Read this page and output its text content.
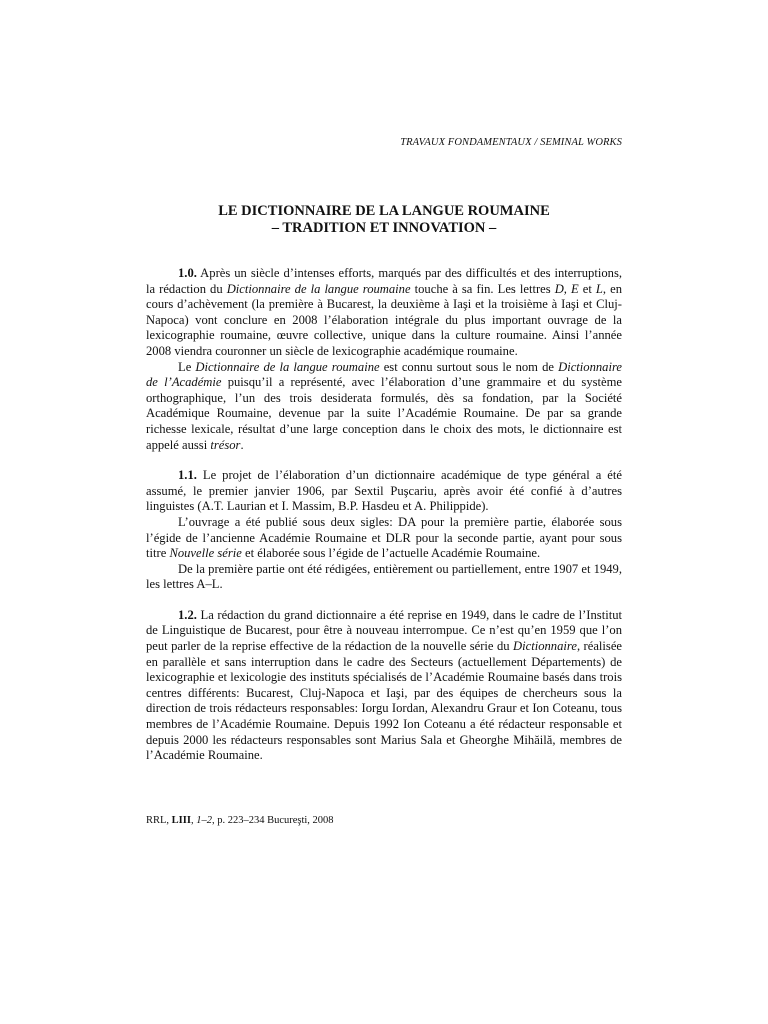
TRAVAUX FONDAMENTAUX / SEMINAL WORKS
LE DICTIONNAIRE DE LA LANGUE ROUMAINE
– TRADITION ET INNOVATION –

1.0. Après un siècle d’intenses efforts, marqués par des difficultés et des interruptions, la rédaction du Dictionnaire de la langue roumaine touche à sa fin. Les lettres D, E et L, en cours d’achèvement (la première à Bucarest, la deuxième à Iaşi et la troisième à Iaşi et Cluj-Napoca) vont conclure en 2008 l’élaboration intégrale du plus important ouvrage de la lexicographie roumaine, œuvre collective, unique dans la culture roumaine. Ainsi l’année 2008 viendra couronner un siècle de lexicographie académique roumaine.

Le Dictionnaire de la langue roumaine est connu surtout sous le nom de Dictionnaire de l’Académie puisqu’il a représenté, avec l’élaboration d’une grammaire et du système orthographique, l’un des trois desiderata formulés, dès sa fondation, par la Société Académique Roumaine, devenue par la suite l’Académie Roumaine. De par sa grande richesse lexicale, résultat d’une large conception dans le choix des mots, le dictionnaire est appelé aussi trésor.

1.1. Le projet de l’élaboration d’un dictionnaire académique de type général a été assumé, le premier janvier 1906, par Sextil Puşcariu, après avoir été confié à d’autres linguistes (A.T. Laurian et I. Massim, B.P. Hasdeu et A. Philippide).

L’ouvrage a été publié sous deux sigles: DA pour la première partie, élaborée sous l’égide de l’ancienne Académie Roumaine et DLR pour la seconde partie, ayant pour sous titre Nouvelle série et élaborée sous l’égide de l’actuelle Académie Roumaine.

De la première partie ont été rédigées, entièrement ou partiellement, entre 1907 et 1949, les lettres A–L.

1.2. La rédaction du grand dictionnaire a été reprise en 1949, dans le cadre de l’Institut de Linguistique de Bucarest, pour être à nouveau interrompue. Ce n’est qu’en 1959 que l’on peut parler de la reprise effective de la rédaction de la nouvelle série du Dictionnaire, réalisée en parallèle et sans interruption dans le cadre des Secteurs (actuellement Départements) de lexicographie et lexicologie des instituts spécialisés de l’Académie Roumaine basés dans trois centres différents: Bucarest, Cluj-Napoca et Iaşi, par des équipes de chercheurs sous la direction de trois rédacteurs responsables: Iorgu Iordan, Alexandru Graur et Ion Coteanu, tous membres de l’Académie Roumaine. Depuis 1992 Ion Coteanu a été rédacteur responsable et depuis 2000 les rédacteurs responsables sont Marius Sala et Gheorghe Mihăilă, membres de l’Académie Roumaine.

RRL, LIII, 1–2, p. 223–234 Bucureşti, 2008
